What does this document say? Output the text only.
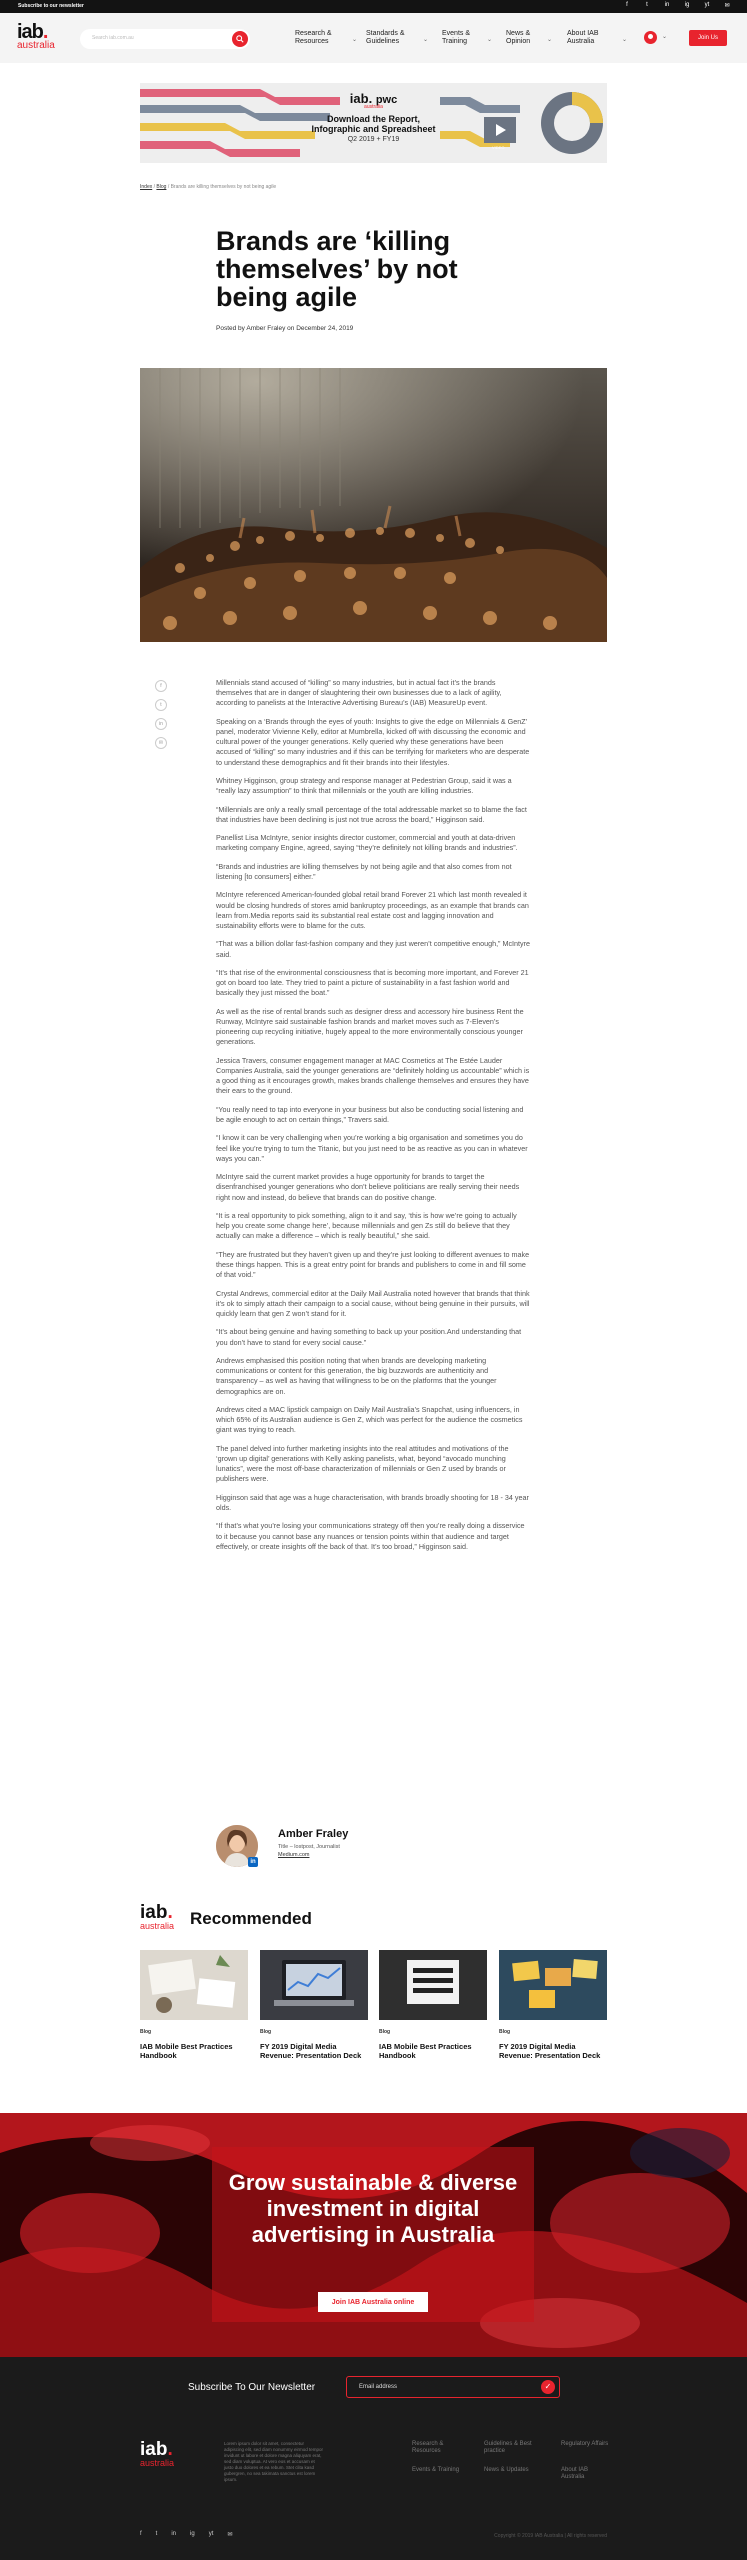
Subscribe to our newsletter	f	t	in	ig	yt	✉
iab.
australia
Search iab.com.au
Research & Resources	⌄
Standards & Guidelines	⌄
Events & Training	⌄
News & Opinion	⌄
About IAB Australia	⌄	⌄	Join Us
iab. pwc
australia
Download the Report,
Infographic and Spreadsheet
Q2 2019 + FY19
VIDEO
Index / Blog / Brands are killing themselves by not being agile
Brands are ‘killing themselves’ by not being agile
Posted by Amber Fraley on December 24, 2019
f
t
in
✉

Millennials stand accused of “killing” so many industries, but in actual fact it’s the brands themselves that are in danger of slaughtering their own businesses due to a lack of agility, according to panelists at the Interactive Advertising Bureau’s (IAB) MeasureUp event.

Speaking on a ‘Brands through the eyes of youth: Insights to give the edge on Millennials & GenZ’ panel, moderator Vivienne Kelly, editor at Mumbrella, kicked off with discussing the economic and cultural power of the younger generations. Kelly queried why these generations have been accused of “killing” so many industries and if this can be terrifying for marketers who are desperate to understand these demographics and fit their brands into their lifestyles.

Whitney Higginson, group strategy and response manager at Pedestrian Group, said it was a “really lazy assumption” to think that millennials or the youth are killing industries.

“Millennials are only a really small percentage of the total addressable market so to blame the fact that industries have been declining is just not true across the board,” Higginson said.

Panellist Lisa McIntyre, senior insights director customer, commercial and youth at data-driven marketing company Engine, agreed, saying “they’re definitely not killing brands and industries”.

“Brands and industries are killing themselves by not being agile and that also comes from not listening [to consumers] either.”

McIntyre referenced American-founded global retail brand Forever 21 which last month revealed it would be closing hundreds of stores amid bankruptcy proceedings, as an example that brands can learn from.Media reports said its substantial real estate cost and lagging innovation and sustainability efforts were to blame for the cuts.

“That was a billion dollar fast-fashion company and they just weren’t competitive enough,” McIntyre said.

“It’s that rise of the environmental consciousness that is becoming more important, and Forever 21 got on board too late. They tried to paint a picture of sustainability in a fast fashion world and basically they just missed the boat.”

As well as the rise of rental brands such as designer dress and accessory hire business Rent the Runway, McIntyre said sustainable fashion brands and market moves such as 7-Eleven’s pioneering cup recycling initiative, hugely appeal to the more environmentally conscious younger generations.

Jessica Travers, consumer engagement manager at MAC Cosmetics at The Estée Lauder Companies Australia, said the younger generations are “definitely holding us accountable” which is a good thing as it encourages growth, makes brands challenge themselves and ensures they have their ears to the ground.

“You really need to tap into everyone in your business but also be conducting social listening and be agile enough to act on certain things,” Travers said.

“I know it can be very challenging when you’re working a big organisation and sometimes you do feel like you’re trying to turn the Titanic, but you just need to be as reactive as you can in whatever ways you can.”

McIntyre said the current market provides a huge opportunity for brands to target the disenfranchised younger generations who don’t believe politicians are really serving their needs right now and instead, do believe that brands can do positive change.

“It is a real opportunity to pick something, align to it and say, ‘this is how we’re going to actually help you create some change here’, because millennials and gen Zs still do believe that they actually can make a difference – which is really beautiful,” she said.

“They are frustrated but they haven’t given up and they’re just looking to different avenues to make these things happen. This is a great entry point for brands and publishers to come in and fill some of that void.”

Crystal Andrews, commercial editor at the Daily Mail Australia noted however that brands that think it’s ok to simply attach their campaign to a social cause, without being genuine in their pursuits, will quickly learn that gen Z won’t stand for it.

“It’s about being genuine and having something to back up your position.And understanding that you don’t have to stand for every social cause.”

Andrews emphasised this position noting that when brands are developing marketing communications or content for this generation, the big buzzwords are authenticity and transparency – as well as having that willingness to be on the platforms that the younger demographics are on.

Andrews cited a MAC lipstick campaign on Daily Mail Australia’s Snapchat, using influencers, in which 65% of its Australian audience is Gen Z, which was perfect for the audience the cosmetics giant was trying to reach.

The panel delved into further marketing insights into the real attitudes and motivations of the ‘grown up digital’ generations with Kelly asking panelists, what, beyond “avocado munching lunatics”, were the most off-base characterization of millennials or Gen Z used by brands or publishers were.

Higginson said that age was a huge characterisation, with brands broadly shooting for 18 - 34 year olds.

“If that’s what you’re losing your communications strategy off then you’re really doing a disservice to it because you cannot base any nuances or tension points within that audience and target effectively, or create insights off the back of that. It’s too broad,” Higginson said.

in
Amber Fraley
Title – lostpost, Journalist
Medium.com
iab.
australia Recommended
Blog
IAB Mobile Best Practices Handbook
Blog
FY 2019 Digital Media Revenue: Presentation Deck
Blog
IAB Mobile Best Practices Handbook
Blog
FY 2019 Digital Media Revenue: Presentation Deck
Grow sustainable & diverse investment in digital advertising in Australia
Join IAB Australia online
Subscribe To Our Newsletter	Email address	✓
iab.
australia
Lorem ipsum dolor sit amet, consectetur adipiscing elit, sed diam nonummy eirmod tempor invidunt ut labore et dolore magna aliquyam erat, sed diam voluptua. At vero eos et accusam et justo duo dolores et ea rebum. Stet clita kasd gubergren, no sea takimata sanctus est lorem ipsum.
Research & Resources
Guidelines & Best practice
Regulatory Affairs
Events & Training	News & Updates	About IAB Australia
f t in ig yt ✉	Copyright © 2019 IAB Australia | All rights reserved
